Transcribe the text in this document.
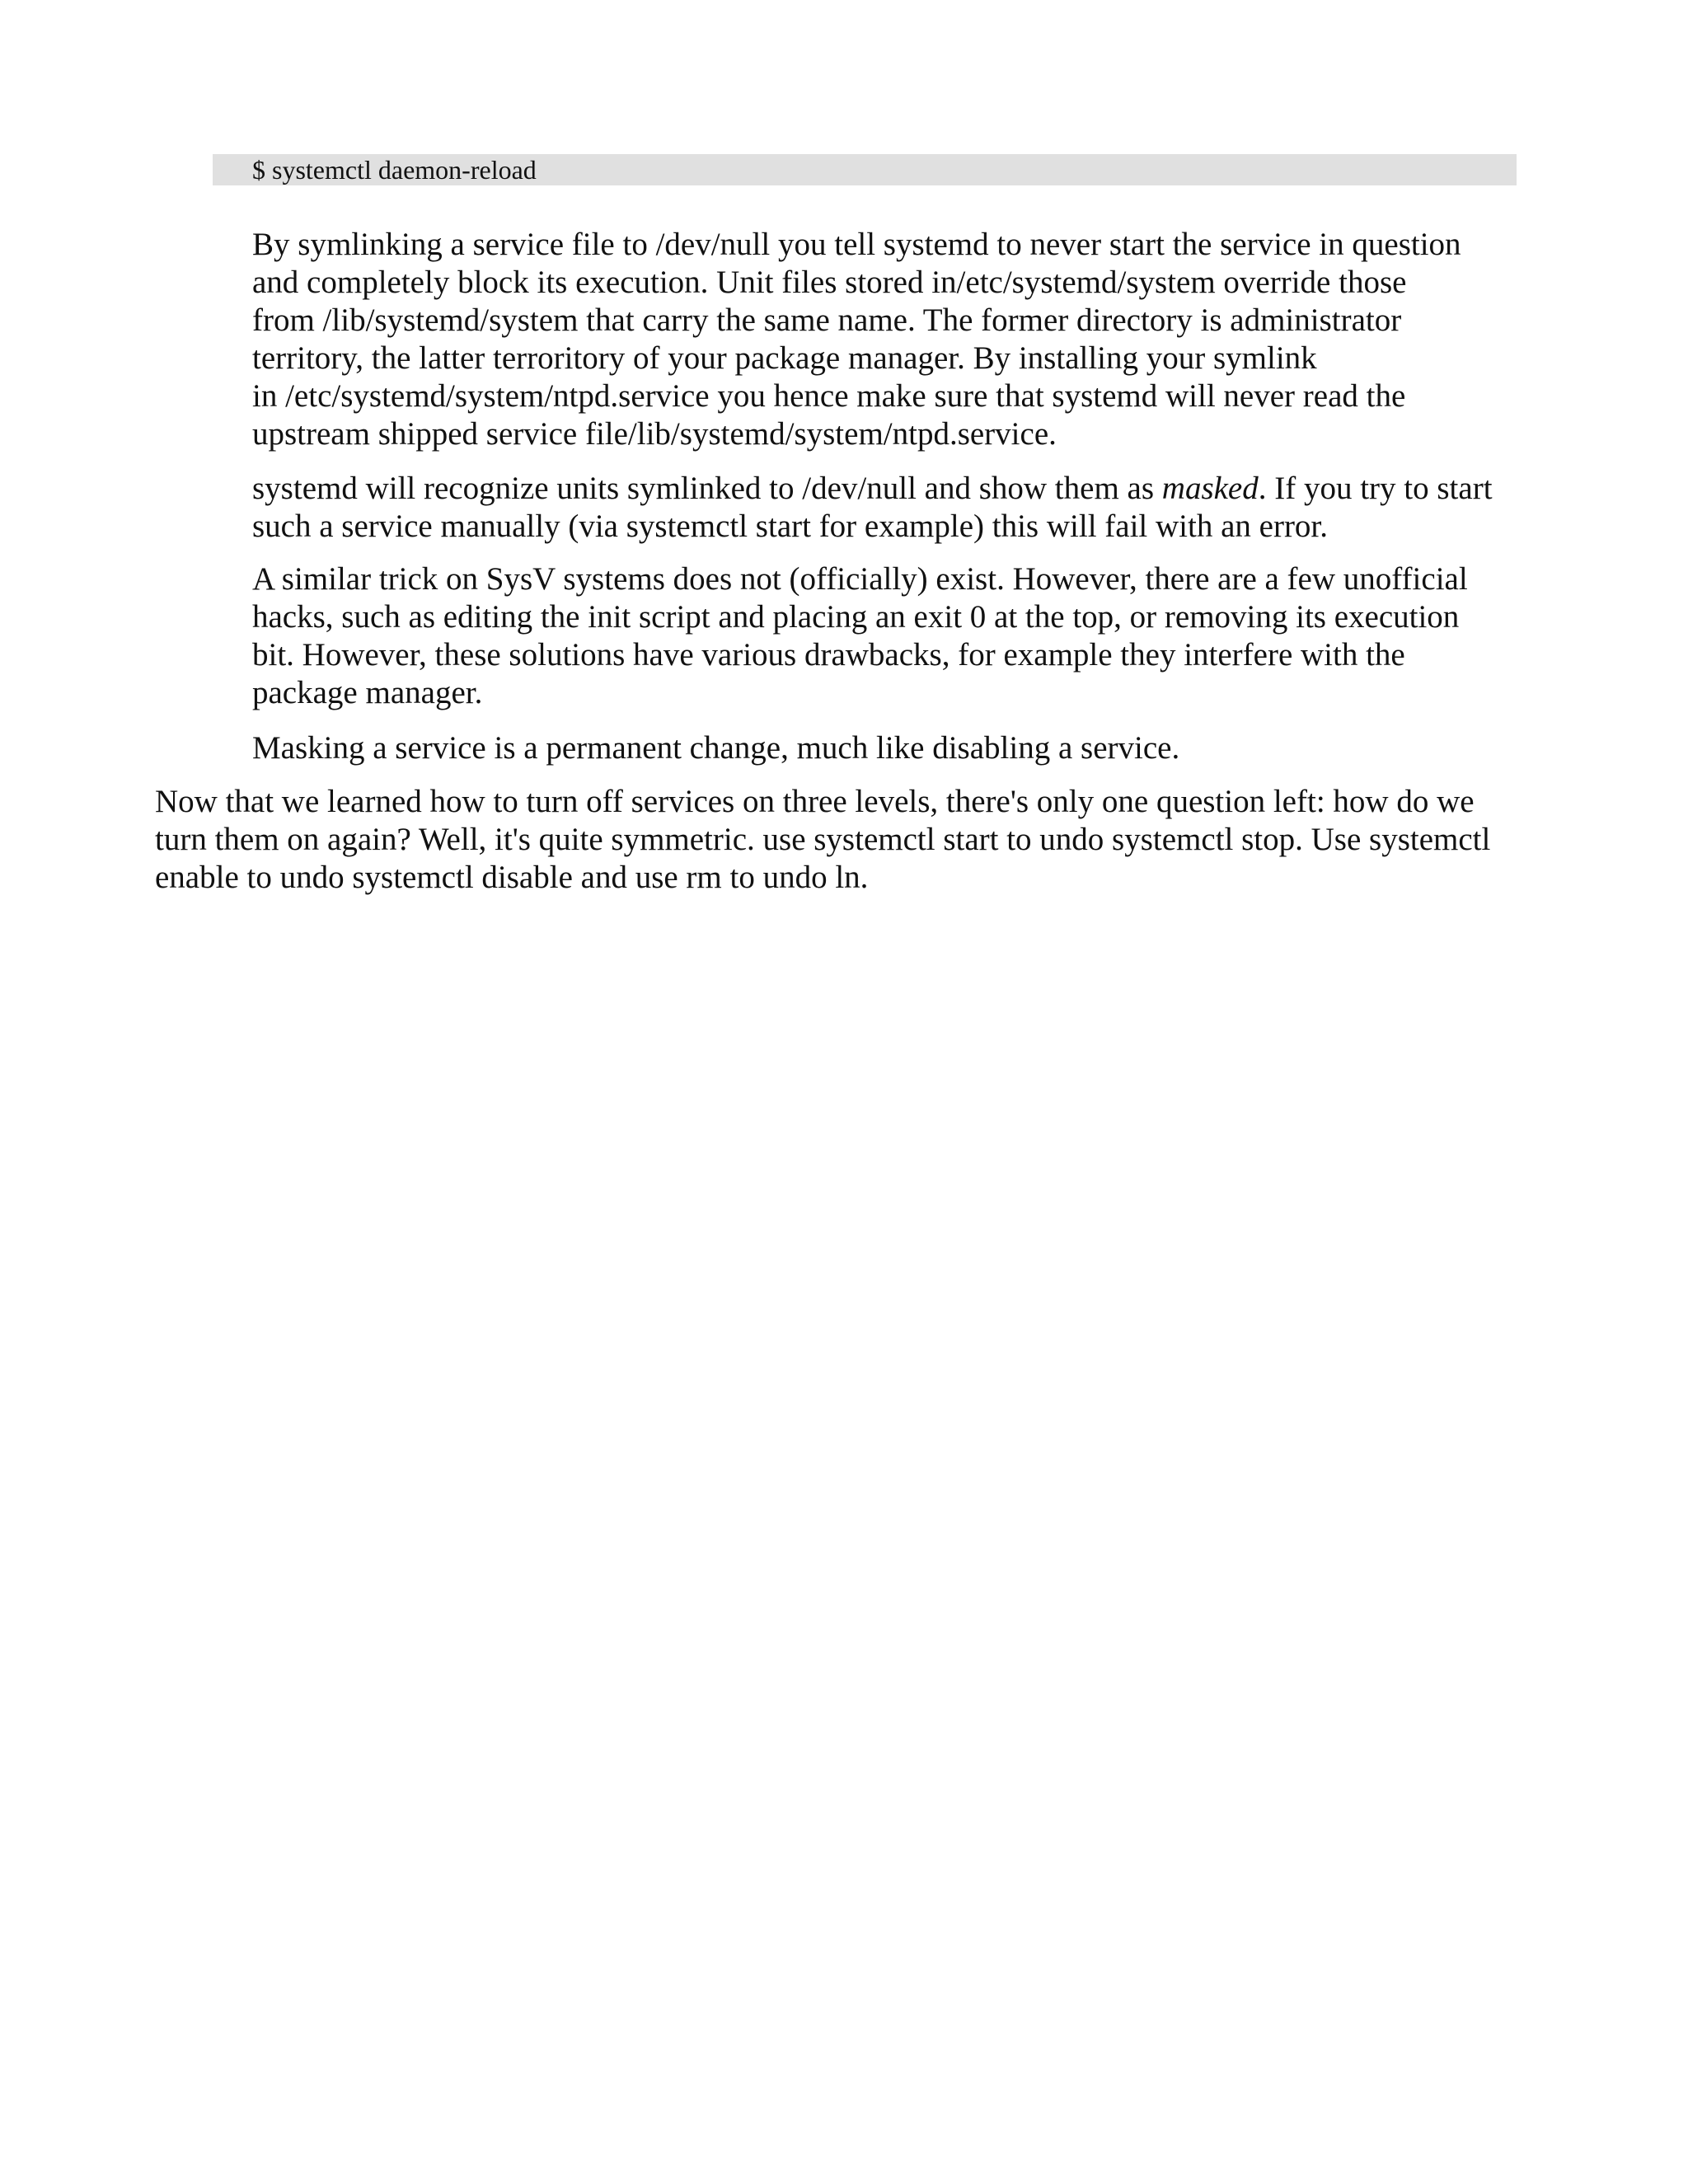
$ systemctl daemon-reload

By symlinking a service file to /dev/null you tell systemd to never start the service in question
and completely block its execution. Unit files stored in/etc/systemd/system override those
from /lib/systemd/system that carry the same name. The former directory is administrator
territory, the latter terroritory of your package manager. By installing your symlink
in /etc/systemd/system/ntpd.service you hence make sure that systemd will never read the
upstream shipped service file/lib/systemd/system/ntpd.service.

systemd will recognize units symlinked to /dev/null and show them as masked. If you try to start
such a service manually (via systemctl start for example) this will fail with an error.

A similar trick on SysV systems does not (officially) exist. However, there are a few unofficial
hacks, such as editing the init script and placing an exit 0 at the top, or removing its execution
bit. However, these solutions have various drawbacks, for example they interfere with the
package manager.

Masking a service is a permanent change, much like disabling a service.

Now that we learned how to turn off services on three levels, there's only one question left: how do we
turn them on again? Well, it's quite symmetric. use systemctl start to undo systemctl stop. Use systemctl
enable to undo systemctl disable and use rm to undo ln.
